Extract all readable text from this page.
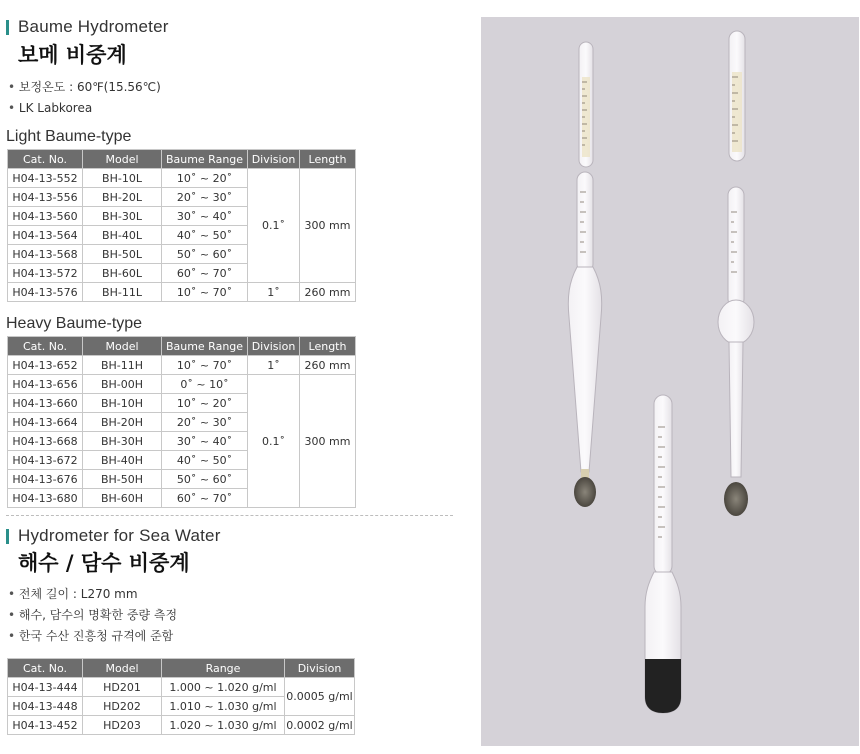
Baume Hydrometer
보메 비중계
• 보정온도 : 60℉(15.56℃)
• LK Labkorea
Light Baume-type
Cat. No.	Model	Baume Range	Division	Length
H04-13-552	BH-10L	10˚ ~ 20˚	0.1˚	300 mm
H04-13-556	BH-20L	20˚ ~ 30˚		
H04-13-560	BH-30L	30˚ ~ 40˚		
H04-13-564	BH-40L	40˚ ~ 50˚		
H04-13-568	BH-50L	50˚ ~ 60˚		
H04-13-572	BH-60L	60˚ ~ 70˚		
H04-13-576	BH-11L	10˚ ~ 70˚	1˚	260 mm
Heavy Baume-type
Cat. No.	Model	Baume Range	Division	Length
H04-13-652	BH-11H	10˚ ~ 70˚	1˚	260 mm
H04-13-656	BH-00H	0˚ ~ 10˚	0.1˚	300 mm
H04-13-660	BH-10H	10˚ ~ 20˚		
H04-13-664	BH-20H	20˚ ~ 30˚		
H04-13-668	BH-30H	30˚ ~ 40˚		
H04-13-672	BH-40H	40˚ ~ 50˚		
H04-13-676	BH-50H	50˚ ~ 60˚		
H04-13-680	BH-60H	60˚ ~ 70˚		
Hydrometer for Sea Water
해수 / 담수 비중계
• 전체 길이 : L270 mm
• 해수, 담수의 명확한 중량 측정
• 한국 수산 진흥청 규격에 준함
Cat. No.	Model	Range	Division
H04-13-444	HD201	1.000 ~ 1.020 g/ml	0.0005 g/ml
H04-13-448	HD202	1.010 ~ 1.030 g/ml	
H04-13-452	HD203	1.020 ~ 1.030 g/ml	0.0002 g/ml
